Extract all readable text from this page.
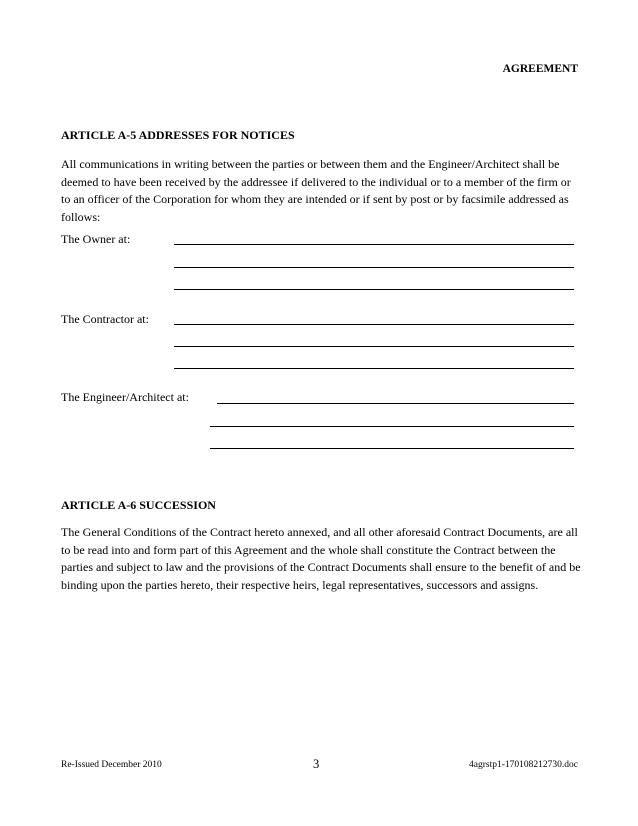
AGREEMENT
ARTICLE A-5 ADDRESSES FOR NOTICES
All communications in writing between the parties or between them and the Engineer/Architect shall be deemed to have been received by the addressee if delivered to the individual or to a member of the firm or to an officer of the Corporation for whom they are intended or if sent by post or by facsimile addressed as follows:
The Owner at:
The Contractor at:
The Engineer/Architect at:
ARTICLE A-6 SUCCESSION
The General Conditions of the Contract hereto annexed, and all other aforesaid Contract Documents, are all to be read into and form part of this Agreement and the whole shall constitute the Contract between the parties and subject to law and the provisions of the Contract Documents shall ensure to the benefit of and be binding upon the parties hereto, their respective heirs, legal representatives, successors and assigns.
Re-Issued December 2010	3	4agrstp1-170108212730.doc
